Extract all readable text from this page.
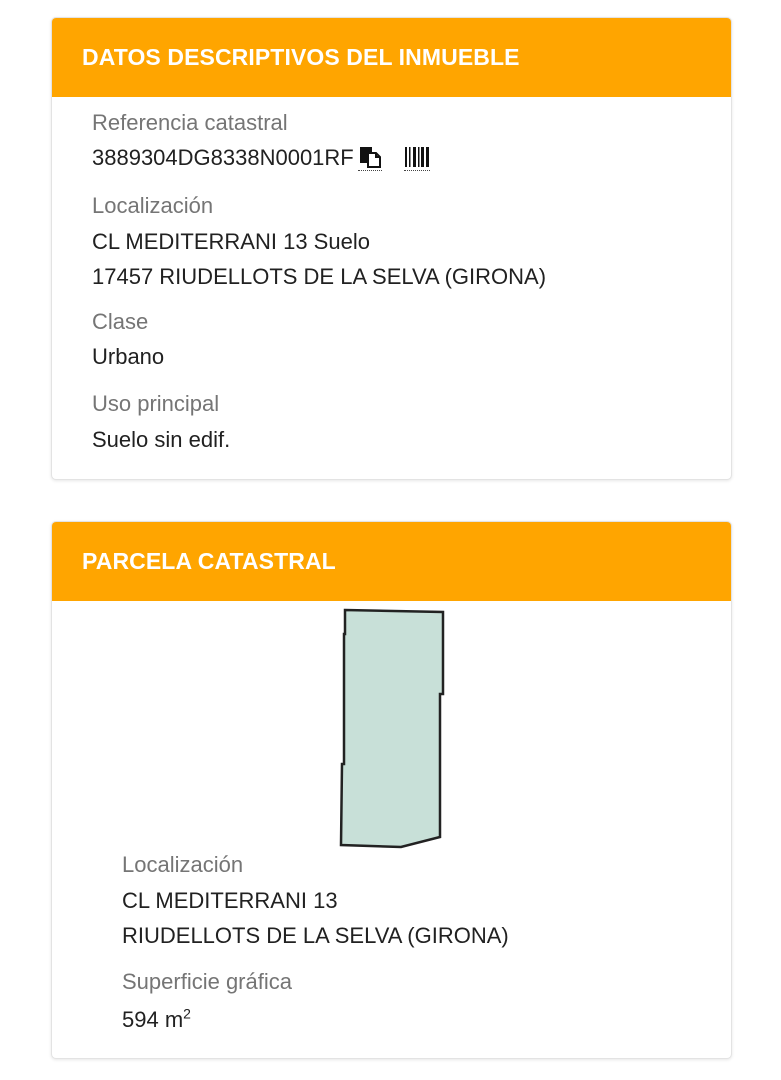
DATOS DESCRIPTIVOS DEL INMUEBLE
Referencia catastral
3889304DG8338N0001RF
Localización
CL MEDITERRANI 13 Suelo
17457 RIUDELLOTS DE LA SELVA (GIRONA)
Clase
Urbano
Uso principal
Suelo sin edif.
PARCELA CATASTRAL
Localización
CL MEDITERRANI 13
RIUDELLOTS DE LA SELVA (GIRONA)
Superficie gráfica
594 $m^2$
